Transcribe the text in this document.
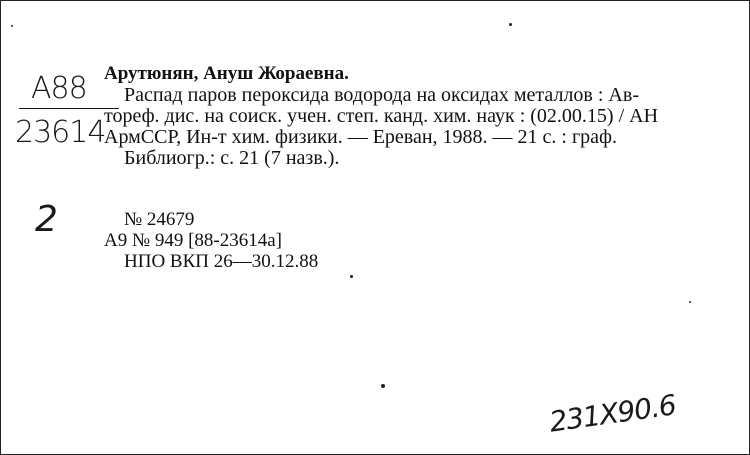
А88
23614
2
Арутюнян, Ануш Жораевна.
Распад паров пероксида водорода на оксидах металлов : Ав-
тореф. дис. на соиск. учен. степ. канд. хим. наук : (02.00.15) / АН
АрмССР, Ин-т хим. физики. — Ереван, 1988. — 21 с. : граф.
Библиогр.: с. 21 (7 назв.).
№ 24679
А9 № 949 [88-23614а]
НПО ВКП 26—30.12.88
231X90.6
